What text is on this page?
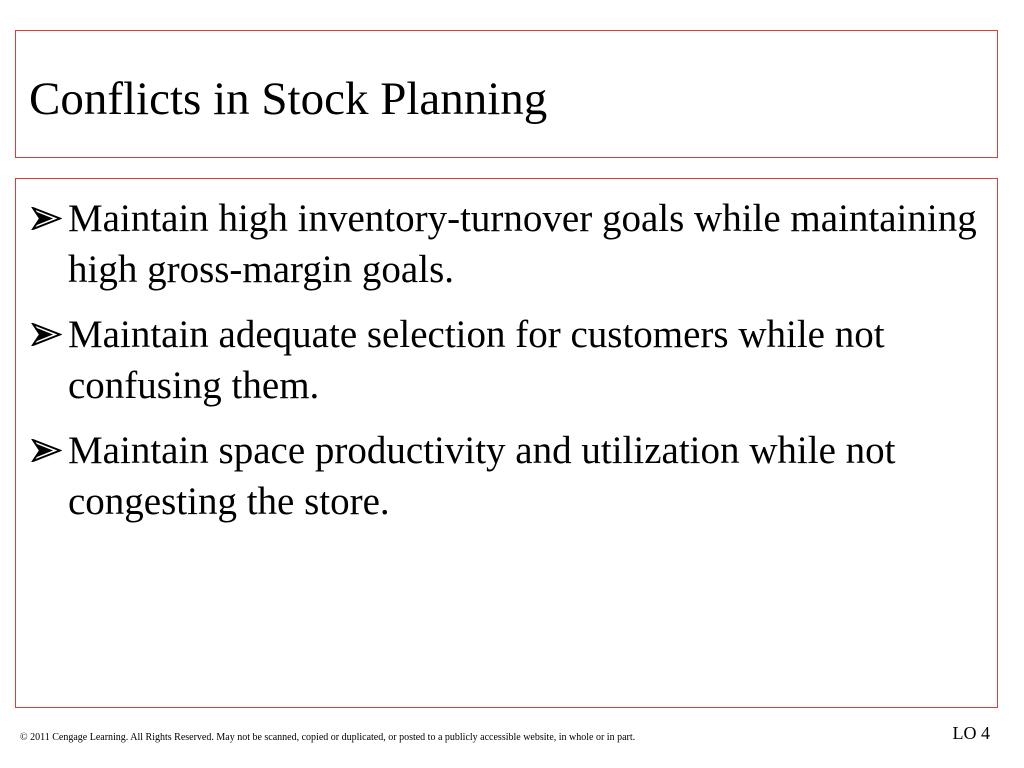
Conflicts in Stock Planning
Maintain high inventory-turnover goals while maintaining high gross-margin goals.
Maintain adequate selection for customers while not confusing them.
Maintain space productivity and utilization while not congesting the store.
© 2011 Cengage Learning. All Rights Reserved. May not be scanned, copied or duplicated, or posted to a publicly accessible website, in whole or in part.	LO 4
